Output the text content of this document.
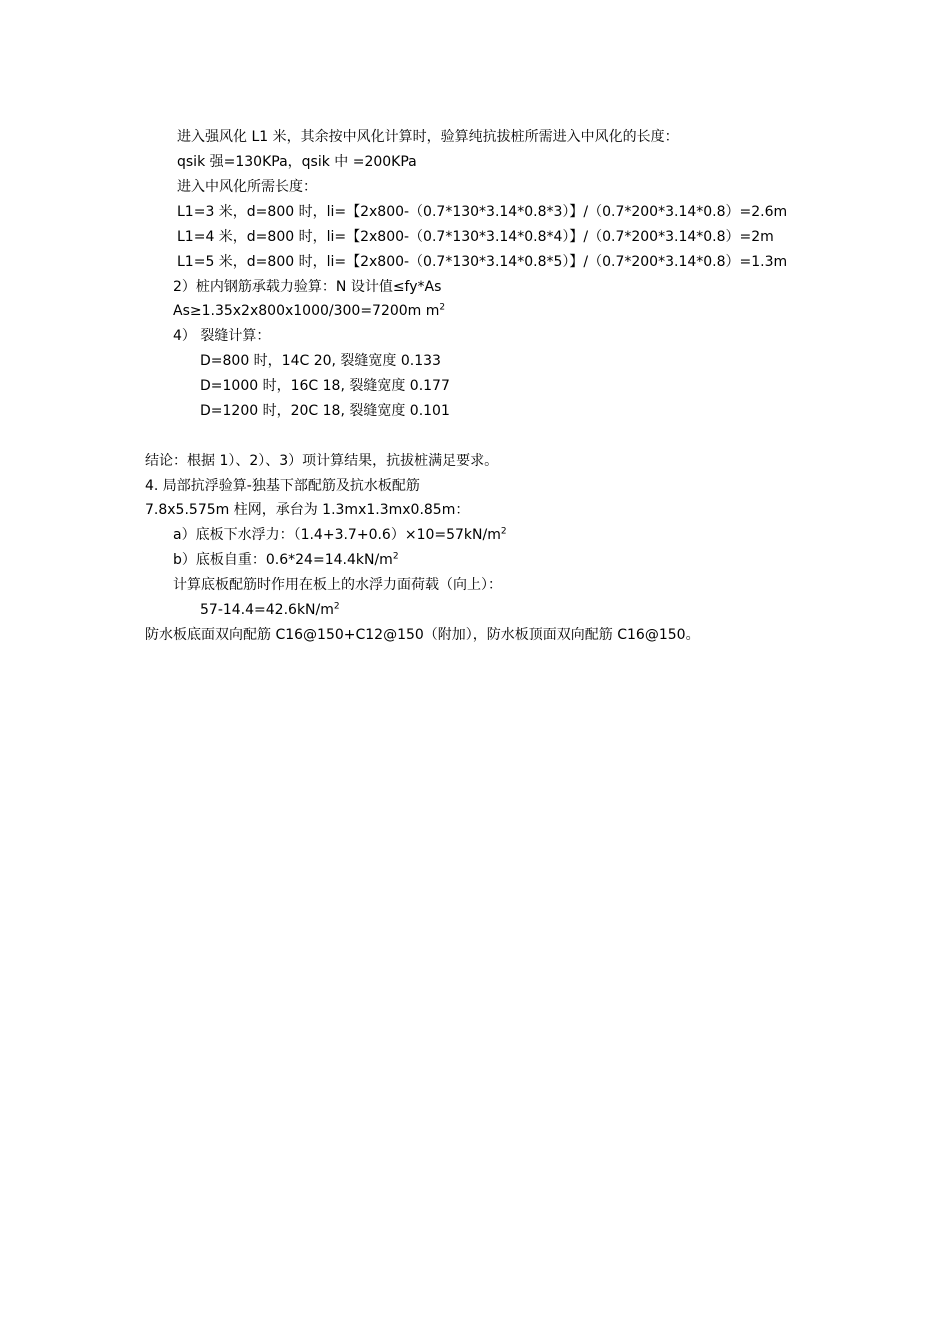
进入强风化 L1 米，其余按中风化计算时，验算纯抗拔桩所需进入中风化的长度：
qsik 强=130KPa，qsik 中 =200KPa
进入中风化所需长度：
L1=3 米，d=800 时，li=【2x800-（0.7*130*3.14*0.8*3）】/（0.7*200*3.14*0.8）=2.6m
L1=4 米，d=800 时，li=【2x800-（0.7*130*3.14*0.8*4）】/（0.7*200*3.14*0.8）=2m
L1=5 米，d=800 时，li=【2x800-（0.7*130*3.14*0.8*5）】/（0.7*200*3.14*0.8）=1.3m
2）桩内钢筋承载力验算：N 设计值≤fy*As
As≥1.35x2x800x1000/300=7200m $m^2$
4） 裂缝计算：
D=800 时，14C 20, 裂缝宽度 0.133
D=1000 时，16C 18, 裂缝宽度 0.177
D=1200 时，20C 18, 裂缝宽度 0.101
结论：根据 1）、2）、3）项计算结果，抗拔桩满足要求。
4. 局部抗浮验算-独基下部配筋及抗水板配筋
7.8x5.575m 柱网，承台为 1.3mx1.3mx0.85m：
a）底板下水浮力：$(1.4+3.7+0.6)\times 10=57kN/m^2$
b）底板自重：$0.6*24=14.4kN/m^2$
计算底板配筋时作用在板上的水浮力面荷载（向上）：
$57-14.4=42.6kN/m^2$
防水板底面双向配筋 C16@150+C12@150（附加），防水板顶面双向配筋 C16@150。
